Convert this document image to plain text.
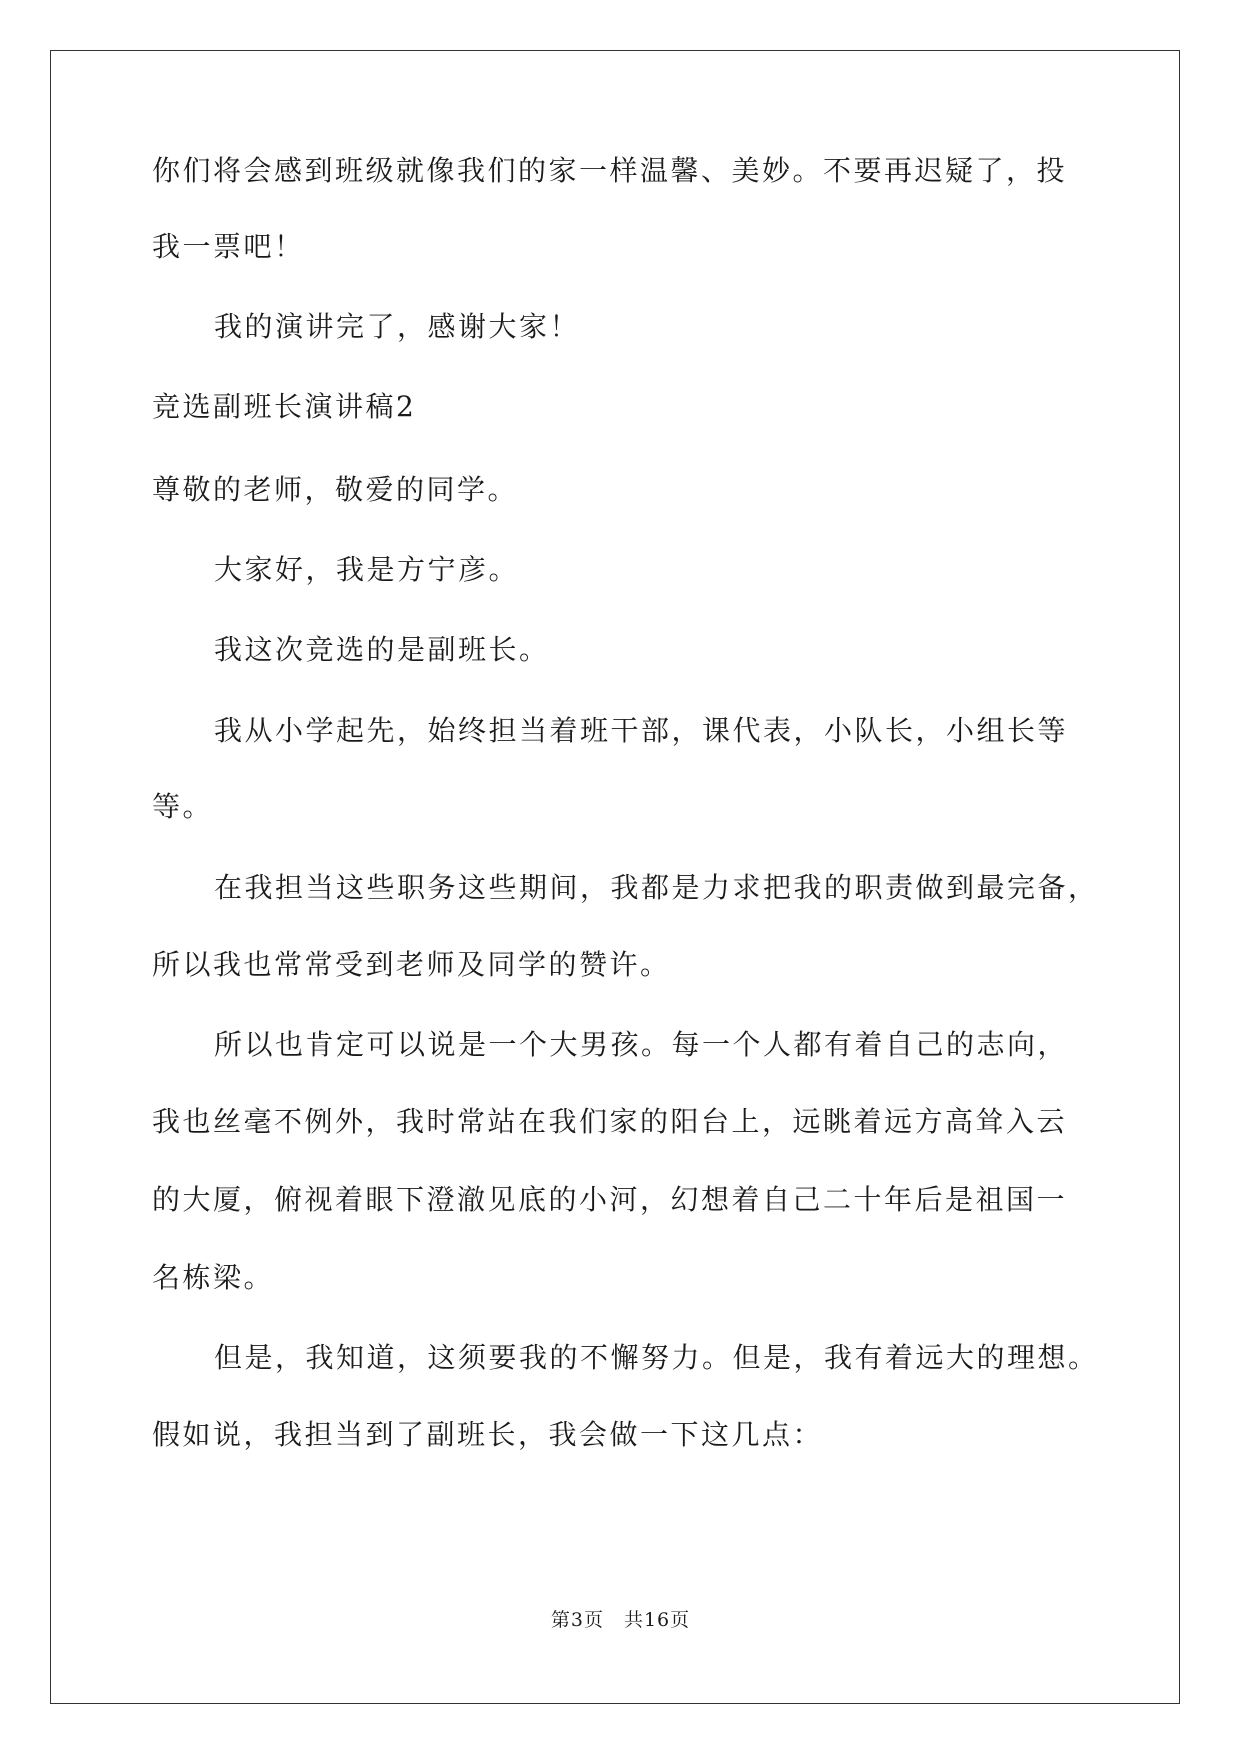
你们将会感到班级就像我们的家一样温馨、美妙。不要再迟疑了，投
我一票吧！
我的演讲完了，感谢大家！
竞选副班长演讲稿2
尊敬的老师，敬爱的同学。
大家好，我是方宁彦。
我这次竞选的是副班长。
我从小学起先，始终担当着班干部，课代表，小队长，小组长等
等。
在我担当这些职务这些期间，我都是力求把我的职责做到最完备，
所以我也常常受到老师及同学的赞许。
所以也肯定可以说是一个大男孩。每一个人都有着自己的志向，
我也丝毫不例外，我时常站在我们家的阳台上，远眺着远方高耸入云
的大厦，俯视着眼下澄澈见底的小河，幻想着自己二十年后是祖国一
名栋梁。
但是，我知道，这须要我的不懈努力。但是，我有着远大的理想。
假如说，我担当到了副班长，我会做一下这几点：
第3页 共16页
